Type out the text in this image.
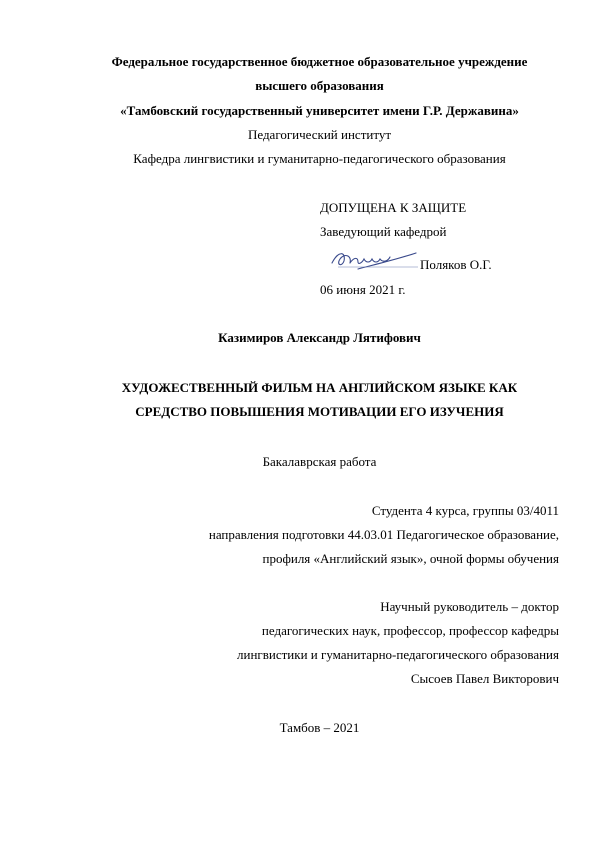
Федеральное государственное бюджетное образовательное учреждение
высшего образования
«Тамбовский государственный университет имени Г.Р. Державина»
Педагогический институт
Кафедра лингвистики и гуманитарно-педагогического образования
ДОПУЩЕНА К ЗАЩИТЕ
Заведующий кафедрой
Поляков О.Г.
06 июня 2021 г.
Казимиров Александр Лятифович
ХУДОЖЕСТВЕННЫЙ ФИЛЬМ НА АНГЛИЙСКОМ ЯЗЫКЕ КАК
СРЕДСТВО ПОВЫШЕНИЯ МОТИВАЦИИ ЕГО ИЗУЧЕНИЯ
Бакалаврская работа
Студента 4 курса, группы 03/4011
направления подготовки 44.03.01 Педагогическое образование,
профиля «Английский язык», очной формы обучения
Научный руководитель – доктор
педагогических наук, профессор, профессор кафедры
лингвистики и гуманитарно-педагогического образования
Сысоев Павел Викторович
Тамбов – 2021
